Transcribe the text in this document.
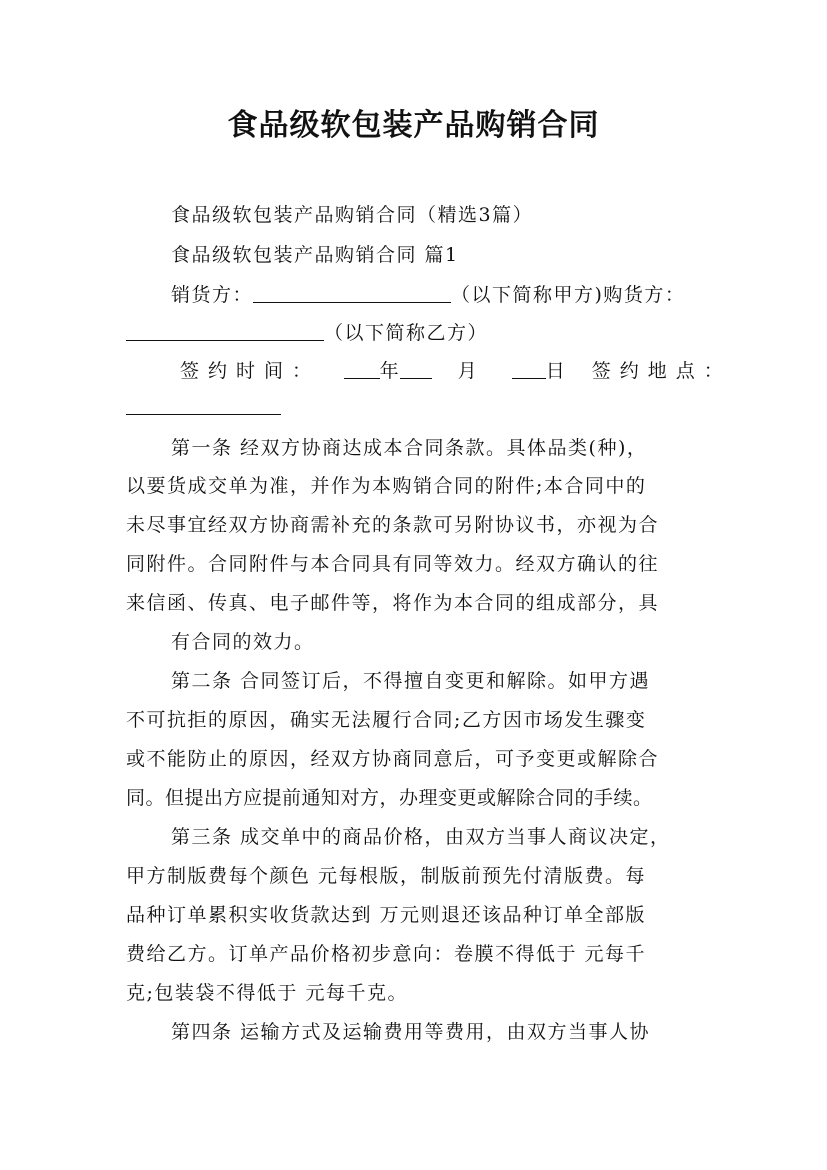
食品级软包装产品购销合同
食品级软包装产品购销合同（精选3篇）
食品级软包装产品购销合同 篇1
销货方：	（以下简称甲方)购货方：
（以下简称乙方）
签约时间：	年	月	日 签约地点：
第一条 经双方协商达成本合同条款。具体品类(种)，
以要货成交单为准，并作为本购销合同的附件;本合同中的
未尽事宜经双方协商需补充的条款可另附协议书，亦视为合
同附件。合同附件与本合同具有同等效力。经双方确认的往
来信函、传真、电子邮件等，将作为本合同的组成部分，具
有合同的效力。
第二条 合同签订后，不得擅自变更和解除。如甲方遇
不可抗拒的原因，确实无法履行合同;乙方因市场发生骤变
或不能防止的原因，经双方协商同意后，可予变更或解除合
同。但提出方应提前通知对方，办理变更或解除合同的手续。
第三条 成交单中的商品价格，由双方当事人商议决定，
甲方制版费每个颜色 元每根版，制版前预先付清版费。每
品种订单累积实收货款达到 万元则退还该品种订单全部版
费给乙方。订单产品价格初步意向：卷膜不得低于 元每千
克;包装袋不得低于 元每千克。
第四条 运输方式及运输费用等费用，由双方当事人协
